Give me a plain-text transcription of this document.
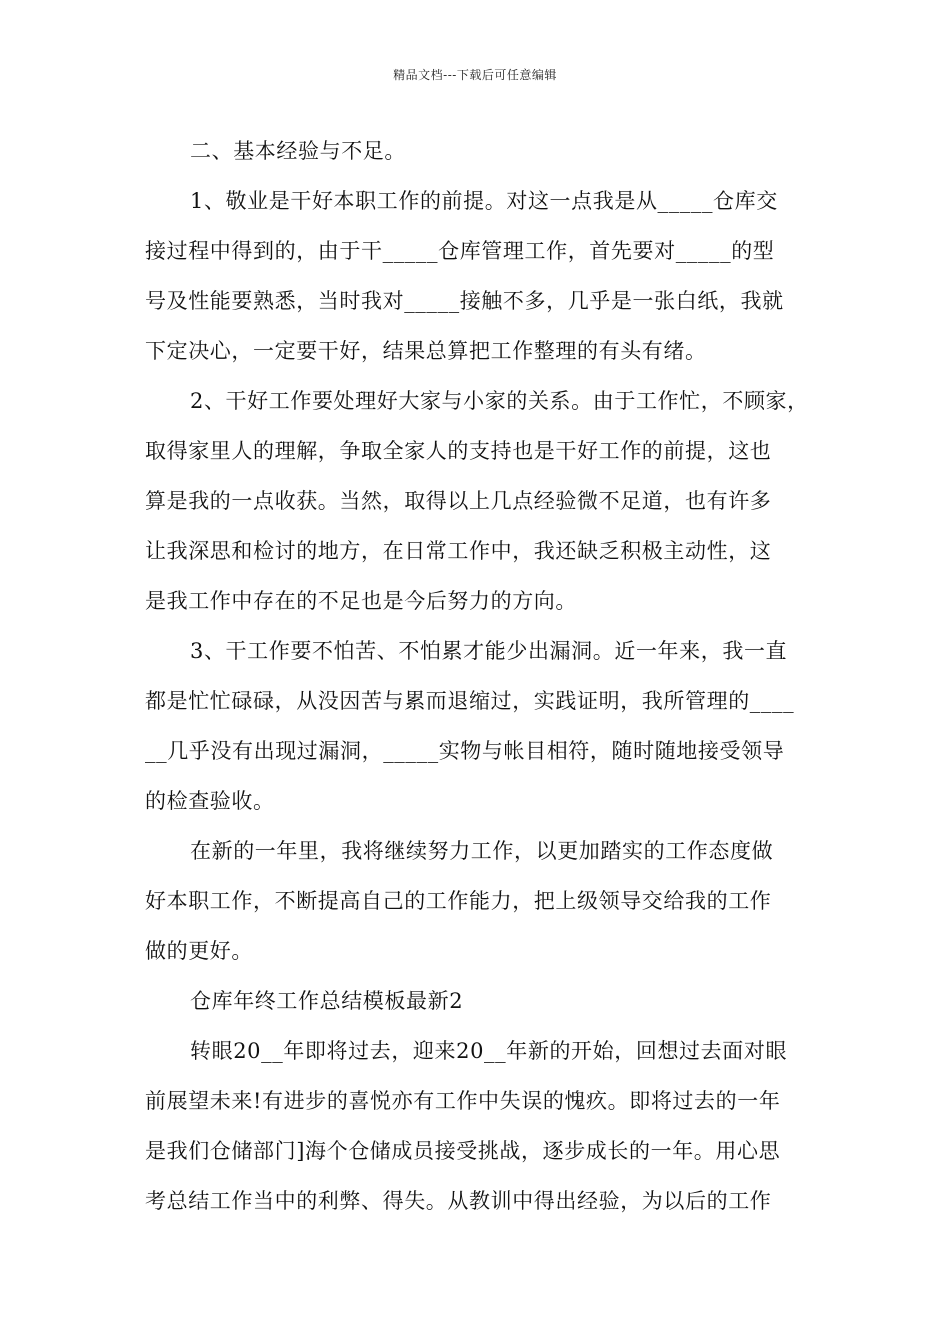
精品文档---下载后可任意编辑
二、基本经验与不足。
1、敬业是干好本职工作的前提。对这一点我是从_____仓库交
接过程中得到的，由于干_____仓库管理工作，首先要对_____的型
号及性能要熟悉，当时我对_____接触不多，几乎是一张白纸，我就
下定决心，一定要干好，结果总算把工作整理的有头有绪。
2、干好工作要处理好大家与小家的关系。由于工作忙，不顾家，
取得家里人的理解，争取全家人的支持也是干好工作的前提，这也
算是我的一点收获。当然，取得以上几点经验微不足道，也有许多
让我深思和检讨的地方，在日常工作中，我还缺乏积极主动性，这
是我工作中存在的不足也是今后努力的方向。
3、干工作要不怕苦、不怕累才能少出漏洞。近一年来，我一直
都是忙忙碌碌，从没因苦与累而退缩过，实践证明，我所管理的____
__几乎没有出现过漏洞，_____实物与帐目相符，随时随地接受领导
的检查验收。
在新的一年里，我将继续努力工作，以更加踏实的工作态度做
好本职工作，不断提高自己的工作能力，把上级领导交给我的工作
做的更好。
仓库年终工作总结模板最新2
转眼20__年即将过去，迎来20__年新的开始，回想过去面对眼
前展望未来!有进步的喜悦亦有工作中失误的愧疚。即将过去的一年
是我们仓储部门]海个仓储成员接受挑战，逐步成长的一年。用心思
考总结工作当中的利弊、得失。从教训中得出经验，为以后的工作
